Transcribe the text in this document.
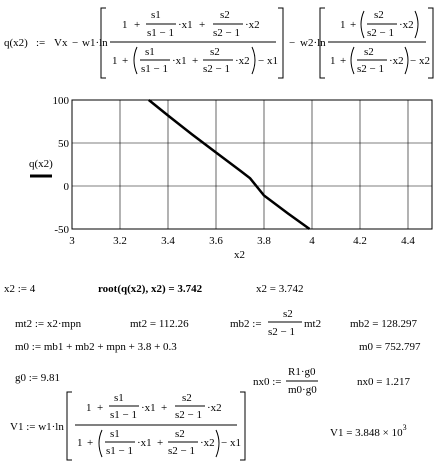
q(x2) := Vx − w1·ln
1 +
s1
s1 − 1
·x1 +
s2
s2 − 1
·x2
1 +
s1
s1 − 1
·x1 +
s2
s2 − 1
·x2 − x1
− w2·ln
1 +
s2
s2 − 1
·x2
1 +
s2
s2 − 1
·x2 − x2
q(x2)
3	3.2	3.4	3.6	3.8	4	4.2	4.4
100
50
0
-50
x2
x2 := 4	root(q(x2), x2) = 3.742	x2 = 3.742
mt2 := x2·mpn	mt2 = 112.26	mb2 :=
s2
s2 − 1
mt2	mb2 = 128.297
m0 := mb1 + mb2 + mpn + 3.8 + 0.3	m0 = 752.797
g0 := 9.81	nx0 :=
R1·g0
m0·g0
nx0 = 1.217
V1 := w1·ln
1 +
s1
s1 − 1
·x1 +
s2
s2 − 1
·x2
1 +
s1
s1 − 1
·x1 +
s2
s2 − 1
·x2 − x1
$V1 = 3.848 \times 10^3$
